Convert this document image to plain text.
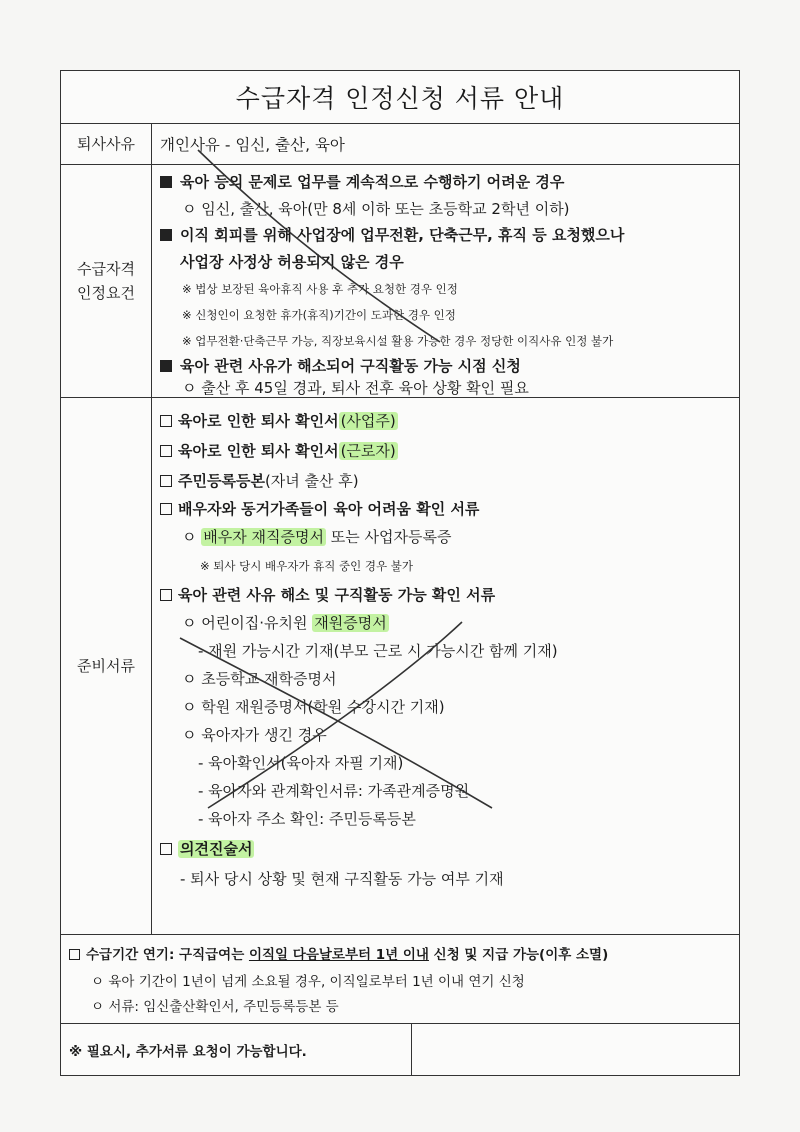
수급자격 인정신청 서류 안내
퇴사사유	개인사유 - 임신, 출산, 육아
수급자격
인정요건
육아 등의 문제로 업무를 계속적으로 수행하기 어려운 경우
ㅇ 임신, 출산, 육아(만 8세 이하 또는 초등학교 2학년 이하)
이직 회피를 위해 사업장에 업무전환, 단축근무, 휴직 등 요청했으나
사업장 사정상 허용되지 않은 경우
※ 법상 보장된 육아휴직 사용 후 추가 요청한 경우 인정
※ 신청인이 요청한 휴가(휴직)기간이 도과한 경우 인정
※ 업무전환·단축근무 가능, 직장보육시설 활용 가능한 경우 정당한 이직사유 인정 불가
육아 관련 사유가 해소되어 구직활동 가능 시점 신청
ㅇ 출산 후 45일 경과, 퇴사 전후 육아 상황 확인 필요
준비서류
육아로 인한 퇴사 확인서 (사업주)
육아로 인한 퇴사 확인서 (근로자)
주민등록등본(자녀 출산 후)
배우자와 동거가족들이 육아 어려움 확인 서류
ㅇ 배우자 재직증명서 또는 사업자등록증
※ 퇴사 당시 배우자가 휴직 중인 경우 불가
육아 관련 사유 해소 및 구직활동 가능 확인 서류
ㅇ 어린이집·유치원 재원증명서
- 재원 가능시간 기재(부모 근로 시 가능시간 함께 기재)
ㅇ 초등학교 재학증명서
ㅇ 학원 재원증명서(학원 수강시간 기재)
ㅇ 육아자가 생긴 경우
- 육아확인서(육아자 자필 기재)
- 육아자와 관계확인서류: 가족관계증명원
- 육아자 주소 확인: 주민등록등본
의견진술서
- 퇴사 당시 상황 및 현재 구직활동 가능 여부 기재
수급기간 연기: 구직급여는 이직일 다음날로부터 1년 이내 신청 및 지급 가능(이후 소멸)
ㅇ 육아 기간이 1년이 넘게 소요될 경우, 이직일로부터 1년 이내 연기 신청
ㅇ 서류: 임신출산확인서, 주민등록등본 등
※ 필요시, 추가서류 요청이 가능합니다.
